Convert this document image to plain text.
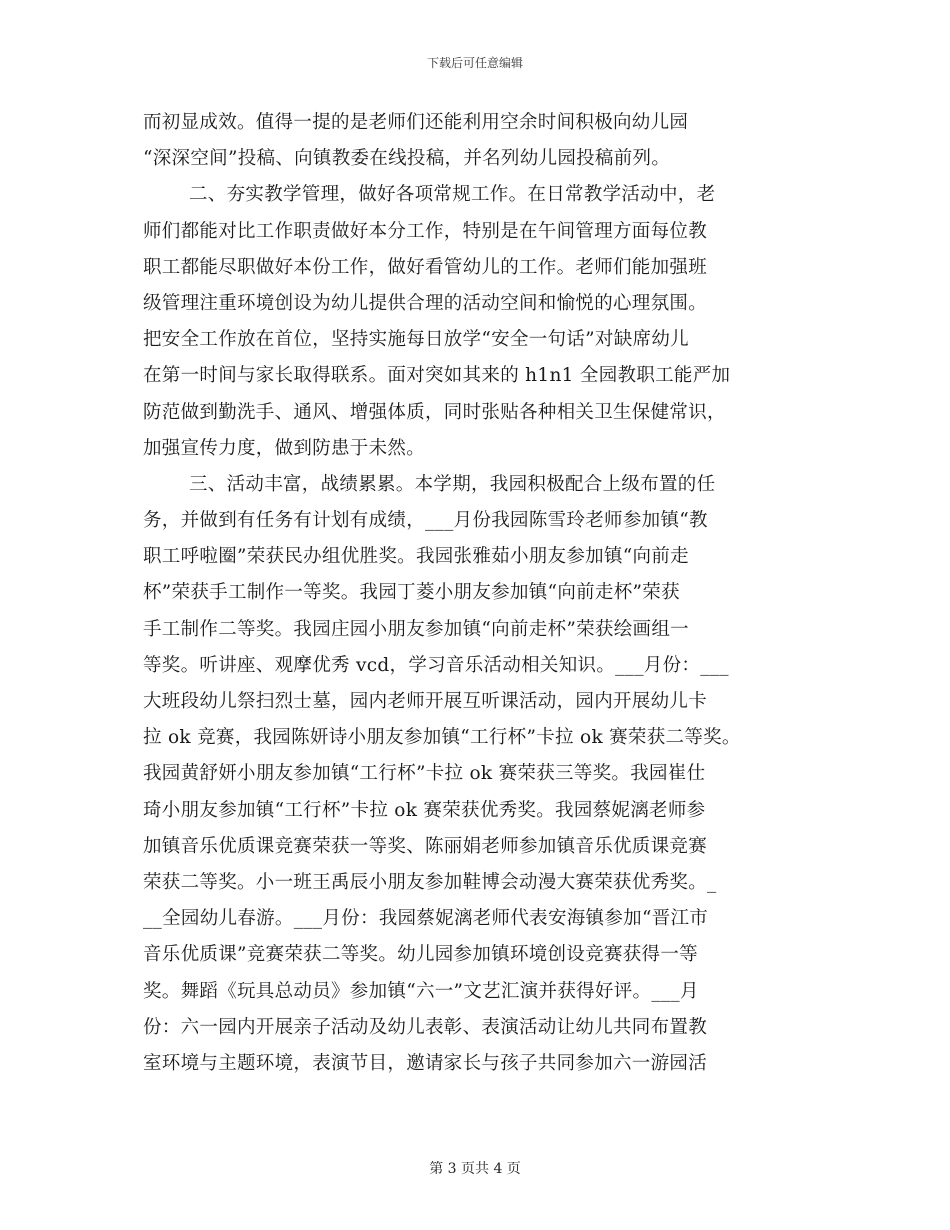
下载后可任意编辑
而初显成效。值得一提的是老师们还能利用空余时间积极向幼儿园
“深深空间”投稿、向镇教委在线投稿，并名列幼儿园投稿前列。
二、夯实教学管理，做好各项常规工作。在日常教学活动中，老
师们都能对比工作职责做好本分工作，特别是在午间管理方面每位教
职工都能尽职做好本份工作，做好看管幼儿的工作。老师们能加强班
级管理注重环境创设为幼儿提供合理的活动空间和愉悦的心理氛围。
把安全工作放在首位，坚持实施每日放学“安全一句话”对缺席幼儿
在第一时间与家长取得联系。面对突如其来的 h1n1 全园教职工能严加
防范做到勤洗手、通风、增强体质，同时张贴各种相关卫生保健常识，
加强宣传力度，做到防患于未然。
三、活动丰富，战绩累累。本学期，我园积极配合上级布置的任
务，并做到有任务有计划有成绩，___月份我园陈雪玲老师参加镇“教
职工呼啦圈”荣获民办组优胜奖。我园张雅茹小朋友参加镇“向前走
杯”荣获手工制作一等奖。我园丁菱小朋友参加镇“向前走杯”荣获
手工制作二等奖。我园庄园小朋友参加镇“向前走杯”荣获绘画组一
等奖。听讲座、观摩优秀 vcd，学习音乐活动相关知识。___月份：___
大班段幼儿祭扫烈士墓，园内老师开展互听课活动，园内开展幼儿卡
拉 ok 竞赛，我园陈妍诗小朋友参加镇“工行杯”卡拉 ok 赛荣获二等奖。
我园黄舒妍小朋友参加镇“工行杯”卡拉 ok 赛荣获三等奖。我园崔仕
琦小朋友参加镇“工行杯”卡拉 ok 赛荣获优秀奖。我园蔡妮漓老师参
加镇音乐优质课竞赛荣获一等奖、陈丽娟老师参加镇音乐优质课竞赛
荣获二等奖。小一班王禹辰小朋友参加鞋博会动漫大赛荣获优秀奖。_
__全园幼儿春游。___月份：我园蔡妮漓老师代表安海镇参加“晋江市
音乐优质课”竞赛荣获二等奖。幼儿园参加镇环境创设竞赛获得一等
奖。舞蹈《玩具总动员》参加镇“六一”文艺汇演并获得好评。___月
份：六一园内开展亲子活动及幼儿表彰、表演活动让幼儿共同布置教
室环境与主题环境，表演节目，邀请家长与孩子共同参加六一游园活
第 3 页共 4 页
